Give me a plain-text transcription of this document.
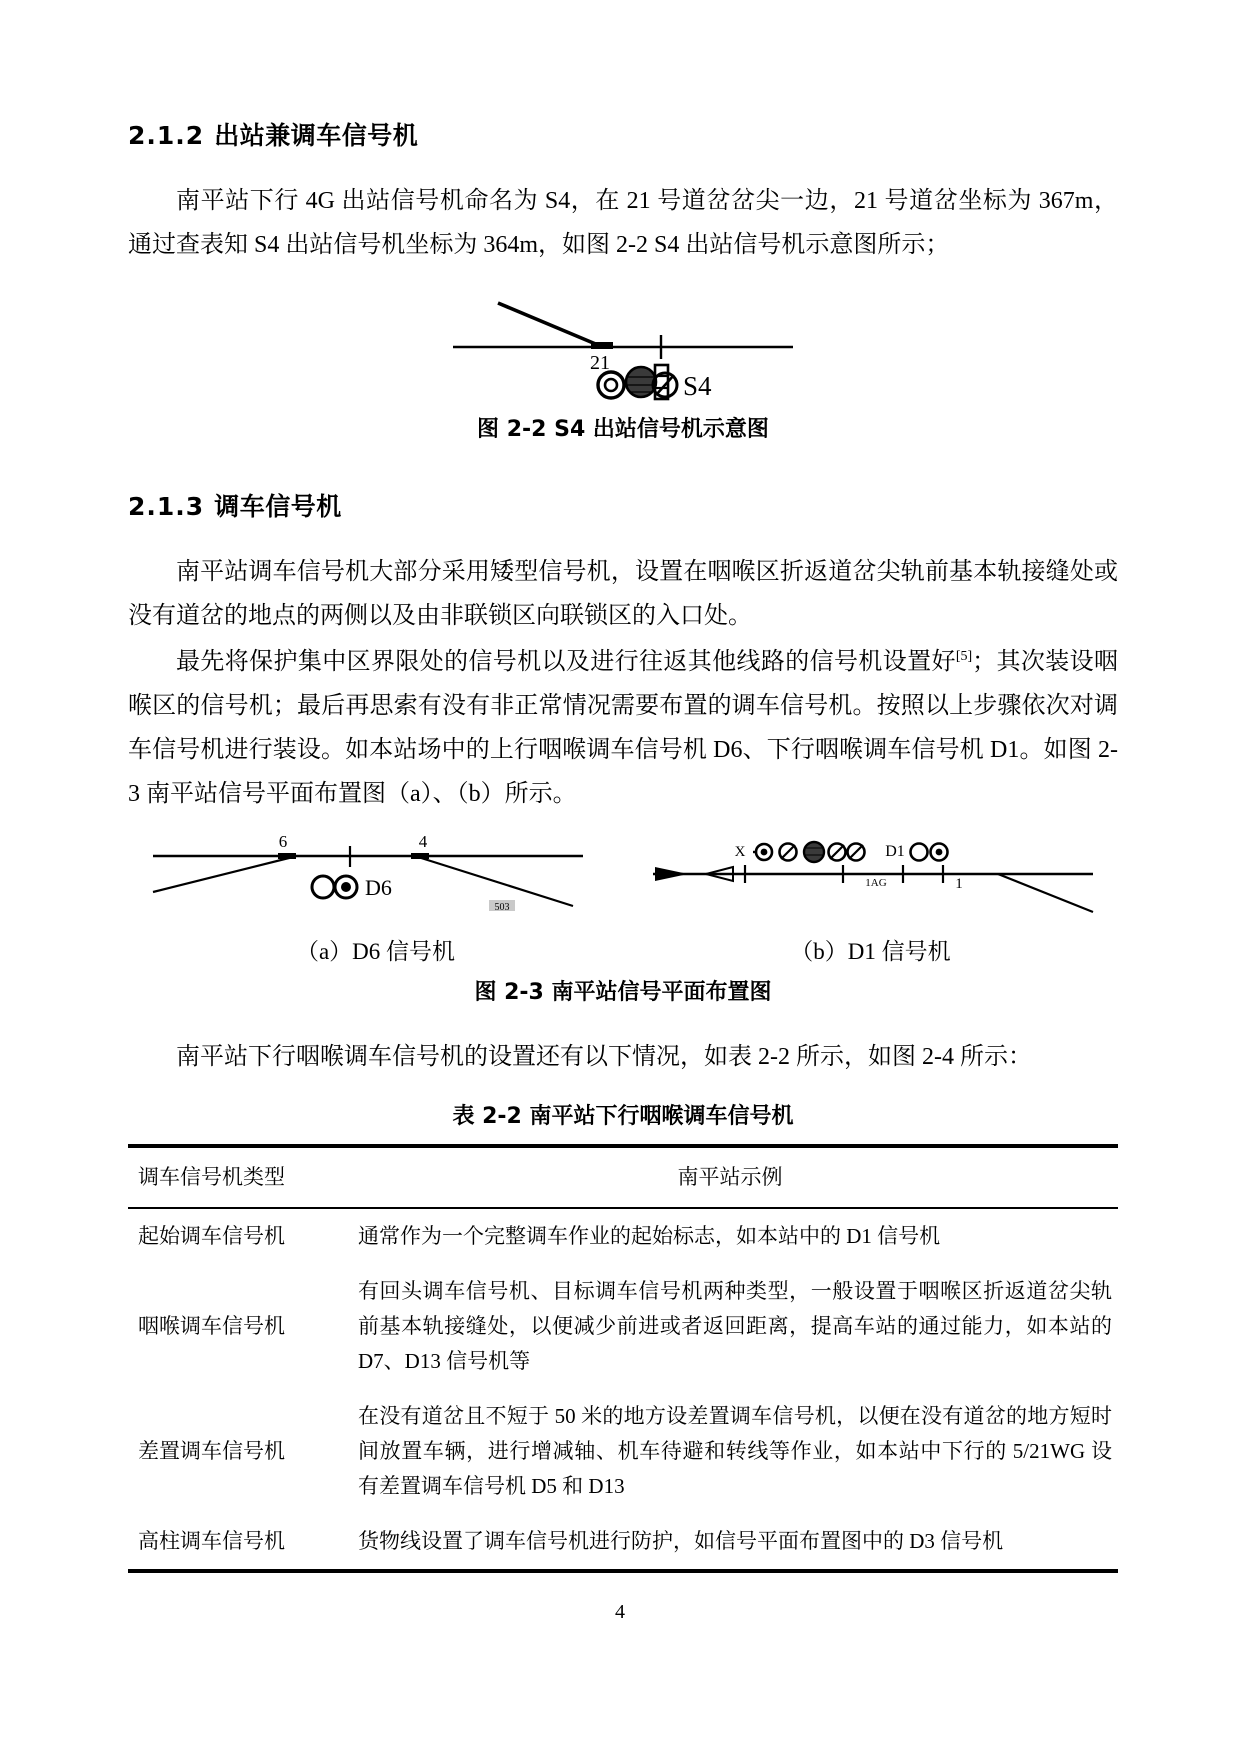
2.1.2 出站兼调车信号机

南平站下行 4G 出站信号机命名为 S4，在 21 号道岔岔尖一边，21 号道岔坐标为 367m，通过查表知 S4 出站信号机坐标为 364m，如图 2-2 S4 出站信号机示意图所示；

21
S4
图 2-2 S4 出站信号机示意图
2.1.3 调车信号机

南平站调车信号机大部分采用矮型信号机，设置在咽喉区折返道岔尖轨前基本轨接缝处或没有道岔的地点的两侧以及由非联锁区向联锁区的入口处。

最先将保护集中区界限处的信号机以及进行往返其他线路的信号机设置好[5]；其次装设咽喉区的信号机；最后再思索有没有非正常情况需要布置的调车信号机。按照以上步骤依次对调车信号机进行装设。如本站场中的上行咽喉调车信号机 D6、下行咽喉调车信号机 D1。如图 2-3 南平站信号平面布置图（a）、（b）所示。

6	4
D6
503
X	D1
1AG	1
（a）D6 信号机	（b）D1 信号机
图 2-3 南平站信号平面布置图

南平站下行咽喉调车信号机的设置还有以下情况，如表 2-2 所示，如图 2-4 所示：

表 2-2 南平站下行咽喉调车信号机
调车信号机类型	南平站示例
起始调车信号机	通常作为一个完整调车作业的起始标志，如本站中的 D1 信号机
咽喉调车信号机	有回头调车信号机、目标调车信号机两种类型，一般设置于咽喉区折返道岔尖轨前基本轨接缝处，以便减少前进或者返回距离，提高车站的通过能力，如本站的 D7、D13 信号机等
差置调车信号机	在没有道岔且不短于 50 米的地方设差置调车信号机，以便在没有道岔的地方短时间放置车辆，进行增减轴、机车待避和转线等作业，如本站中下行的 5/21WG 设有差置调车信号机 D5 和 D13
高柱调车信号机	货物线设置了调车信号机进行防护，如信号平面布置图中的 D3 信号机
4
